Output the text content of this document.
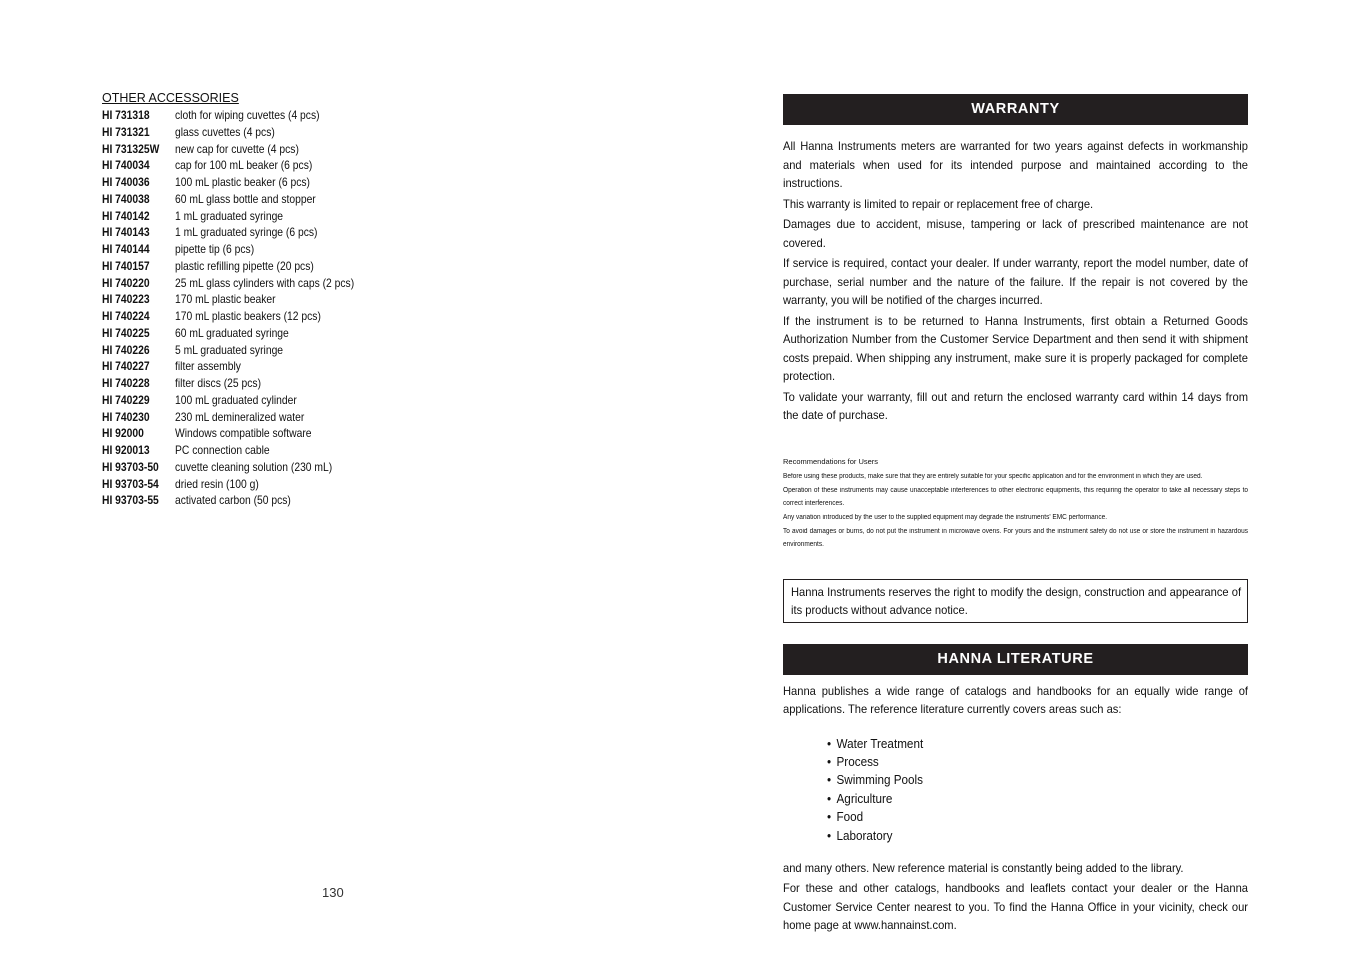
OTHER ACCESSORIES
HI 731318	cloth for wiping cuvettes (4 pcs)
HI 731321	glass cuvettes (4 pcs)
HI 731325W	new cap for cuvette (4 pcs)
HI 740034	cap for 100 mL beaker (6 pcs)
HI 740036	100 mL plastic beaker (6 pcs)
HI 740038	60 mL glass bottle and stopper
HI 740142	1 mL graduated syringe
HI 740143	1 mL graduated syringe (6 pcs)
HI 740144	pipette tip (6 pcs)
HI 740157	plastic refilling pipette (20 pcs)
HI 740220	25 mL glass cylinders with caps (2 pcs)
HI 740223	170 mL plastic beaker
HI 740224	170 mL plastic beakers (12 pcs)
HI 740225	60 mL graduated syringe
HI 740226	5 mL graduated syringe
HI 740227	filter assembly
HI 740228	filter discs (25 pcs)
HI 740229	100 mL graduated cylinder
HI 740230	230 mL demineralized water
HI 92000	Windows compatible software
HI 920013	PC connection cable
HI 93703-50	cuvette cleaning solution (230 mL)
HI 93703-54	dried resin (100 g)
HI 93703-55	activated carbon (50 pcs)
130
WARRANTY

All Hanna Instruments meters are warranted for two years against defects in workmanship and materials when used for its intended purpose and maintained according to the instructions.

This warranty is limited to repair or replacement free of charge.

Damages due to accident, misuse, tampering or lack of prescribed maintenance are not covered.

If service is required, contact your dealer. If under warranty, report the model number, date of purchase, serial number and the nature of the failure. If the repair is not covered by the warranty, you will be notified of the charges incurred.

If the instrument is to be returned to Hanna Instruments, first obtain a Returned Goods Authorization Number from the Customer Service Department and then send it with shipment costs prepaid. When shipping any instrument, make sure it is properly packaged for complete protection.

To validate your warranty, fill out and return the enclosed warranty card within 14 days from the date of purchase.

Recommendations for Users

Before using these products, make sure that they are entirely suitable for your specific application and for the environment in which they are used.

Operation of these instruments may cause unacceptable interferences to other electronic equipments, this requiring the operator to take all necessary steps to correct interferences.

Any variation introduced by the user to the supplied equipment may degrade the instruments' EMC performance.

To avoid damages or burns, do not put the instrument in microwave ovens. For yours and the instrument safety do not use or store the instrument in hazardous environments.

Hanna Instruments reserves the right to modify the design, construction and appearance of its products without advance notice.

HANNA LITERATURE

Hanna publishes a wide range of catalogs and handbooks for an equally wide range of applications. The reference literature currently covers areas such as:

• Water Treatment
• Process
• Swimming Pools
• Agriculture
• Food
• Laboratory

and many others. New reference material is constantly being added to the library.

For these and other catalogs, handbooks and leaflets contact your dealer or the Hanna Customer Service Center nearest to you. To find the Hanna Office in your vicinity, check our home page at www.hannainst.com.
